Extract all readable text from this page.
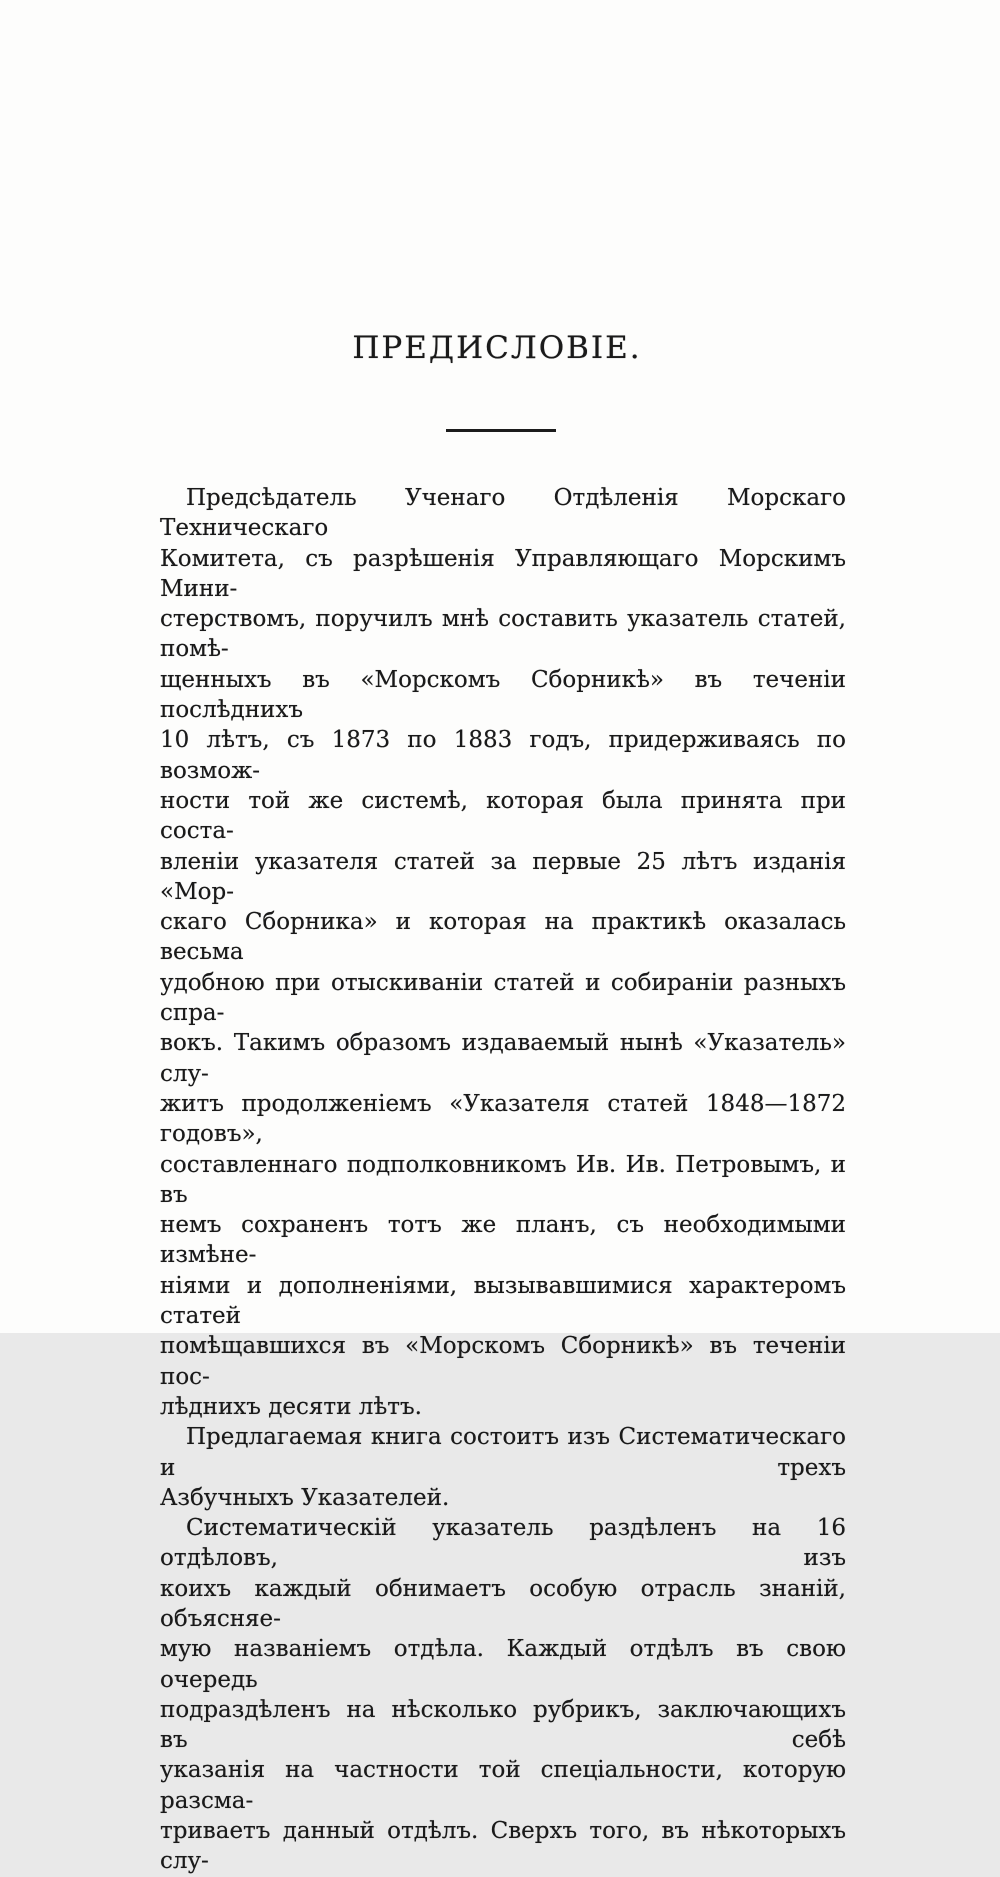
ПРЕДИСЛОВІЕ.
Предсѣдатель Ученаго Отдѣленія Морскаго Техническаго
Комитета, съ разрѣшенія Управляющаго Морскимъ Мини-
стерствомъ, поручилъ мнѣ составить указатель статей, помѣ-
щенныхъ въ «Морскомъ Сборникѣ» въ теченіи послѣднихъ
10 лѣтъ, съ 1873 по 1883 годъ, придерживаясь по возмож-
ности той же системѣ, которая была принята при соста-
вленіи указателя статей за первые 25 лѣтъ изданія «Мор-
скаго Сборника» и которая на практикѣ оказалась весьма
удобною при отыскиваніи статей и собираніи разныхъ спра-
вокъ. Такимъ образомъ издаваемый нынѣ «Указатель» слу-
житъ продолженіемъ «Указателя статей 1848—1872 годовъ»,
составленнаго подполковникомъ Ив. Ив. Петровымъ, и въ
немъ сохраненъ тотъ же планъ, съ необходимыми измѣне-
ніями и дополненіями, вызывавшимися характеромъ статей
помѣщавшихся въ «Морскомъ Сборникѣ» въ теченіи пос-
лѣднихъ десяти лѣтъ.
Предлагаемая книга состоитъ изъ Систематическаго и трехъ
Азбучныхъ Указателей.
Систематическій указатель раздѣленъ на 16 отдѣловъ, изъ
коихъ каждый обнимаетъ особую отрасль знаній, объясняе-
мую названіемъ отдѣла. Каждый отдѣлъ въ свою очередь
подраздѣленъ на нѣсколько рубрикъ, заключающихъ въ себѣ
указанія на частности той спеціальности, которую разсма-
триваетъ данный отдѣлъ. Сверхъ того, въ нѣкоторыхъ слу-
